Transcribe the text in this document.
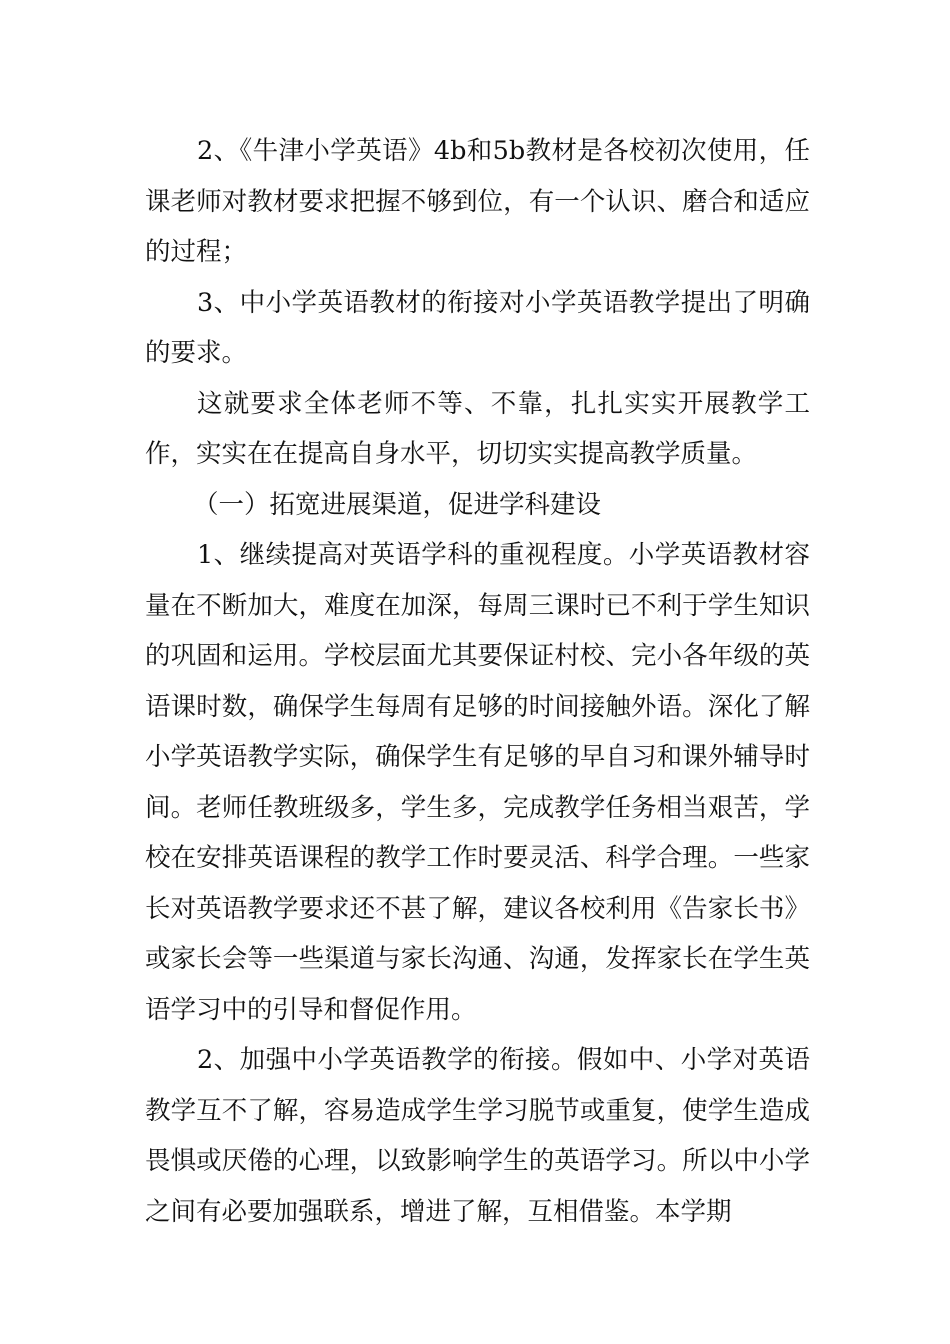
2、《牛津小学英语》4b和5b教材是各校初次使用，任课老师对教材要求把握不够到位，有一个认识、磨合和适应的过程；

3、中小学英语教材的衔接对小学英语教学提出了明确的要求。

这就要求全体老师不等、不靠，扎扎实实开展教学工作，实实在在提高自身水平，切切实实提高教学质量。

（一）拓宽进展渠道，促进学科建设

1、继续提高对英语学科的重视程度。小学英语教材容量在不断加大，难度在加深，每周三课时已不利于学生知识的巩固和运用。学校层面尤其要保证村校、完小各年级的英语课时数，确保学生每周有足够的时间接触外语。深化了解小学英语教学实际，确保学生有足够的早自习和课外辅导时间。老师任教班级多，学生多，完成教学任务相当艰苦，学校在安排英语课程的教学工作时要灵活、科学合理。一些家长对英语教学要求还不甚了解，建议各校利用《告家长书》或家长会等一些渠道与家长沟通、沟通，发挥家长在学生英语学习中的引导和督促作用。

2、加强中小学英语教学的衔接。假如中、小学对英语教学互不了解，容易造成学生学习脱节或重复，使学生造成畏惧或厌倦的心理，以致影响学生的英语学习。所以中小学之间有必要加强联系，增进了解，互相借鉴。本学期
